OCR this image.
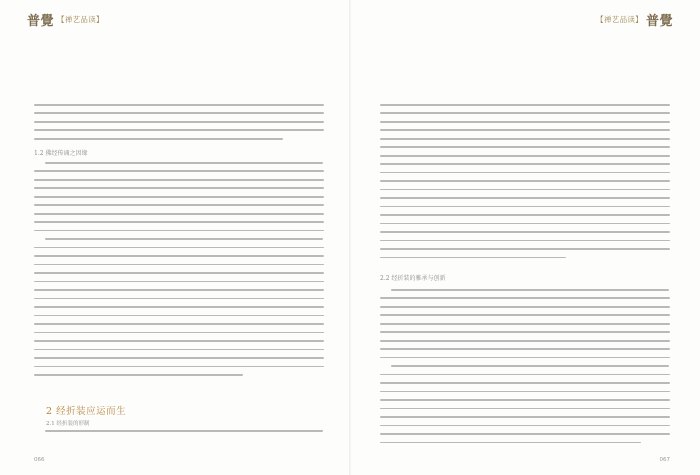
普覺 【禅艺品读】
1.2 佛经传诵之因缘
2 经折装应运而生
2.1 经折装的形制
066
【禅艺品读】 普覺
2.2 经折装的雅承与创新
067
